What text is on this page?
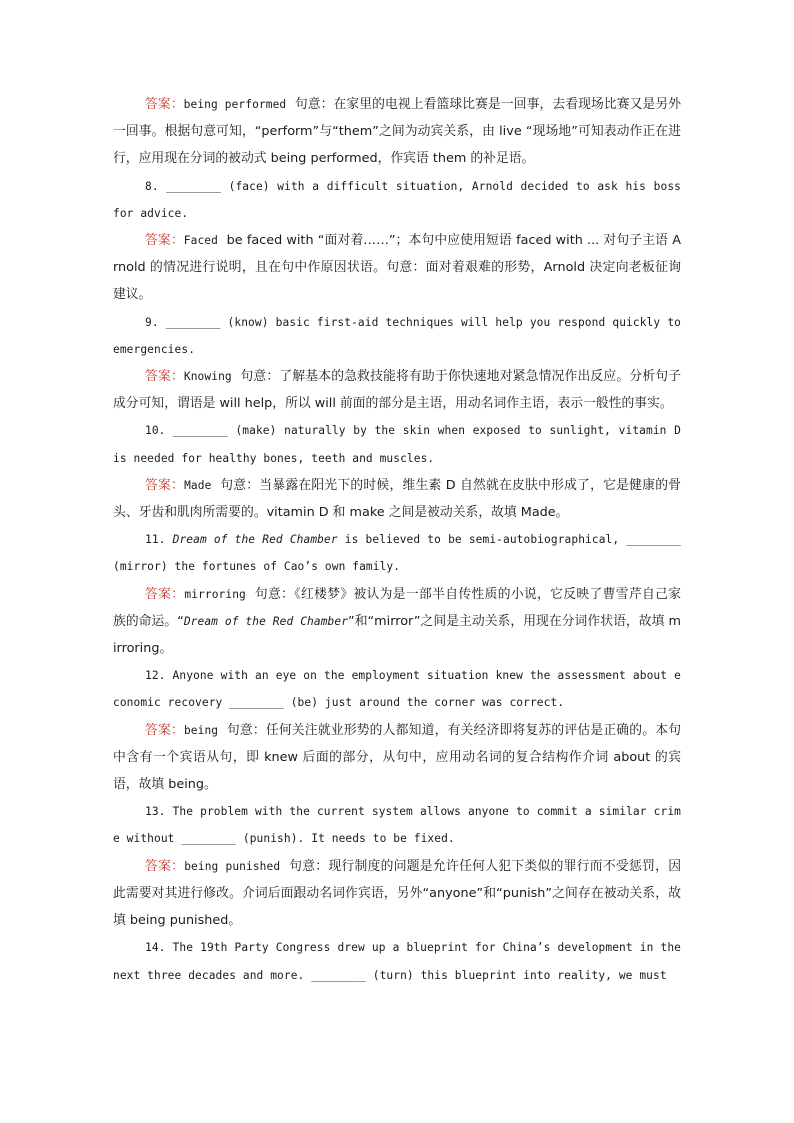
答案：being performed 句意：在家里的电视上看篮球比赛是一回事，去看现场比赛又是另外一回事。根据句意可知，“perform”与“them”之间为动宾关系，由 live “现场地”可知表动作正在进行，应用现在分词的被动式 being performed，作宾语 them 的补足语。

8. ________ (face) with a difficult situation, Arnold decided to ask his boss for advice.

答案：Faced be faced with “面对着……”；本句中应使用短语 faced with ... 对句子主语 Arnold 的情况进行说明，且在句中作原因状语。句意：面对着艰难的形势，Arnold 决定向老板征询建议。

9. ________ (know) basic first-aid techniques will help you respond quickly to emergencies.

答案：Knowing 句意：了解基本的急救技能将有助于你快速地对紧急情况作出反应。分析句子成分可知，谓语是 will help，所以 will 前面的部分是主语，用动名词作主语，表示一般性的事实。

10. ________ (make) naturally by the skin when exposed to sunlight, vitamin D is needed for healthy bones, teeth and muscles.

答案：Made 句意：当暴露在阳光下的时候，维生素 D 自然就在皮肤中形成了，它是健康的骨头、牙齿和肌肉所需要的。vitamin D 和 make 之间是被动关系，故填 Made。

11. Dream of the Red Chamber is believed to be semi-autobiographical, ________ (mirror) the fortunes of Cao’s own family.

答案：mirroring 句意：《红楼梦》被认为是一部半自传性质的小说，它反映了曹雪芹自己家族的命运。“Dream of the Red Chamber”和“mirror”之间是主动关系，用现在分词作状语，故填 mirroring。

12. Anyone with an eye on the employment situation knew the assessment about economic recovery ________ (be) just around the corner was correct.

答案：being 句意：任何关注就业形势的人都知道，有关经济即将复苏的评估是正确的。本句中含有一个宾语从句，即 knew 后面的部分，从句中，应用动名词的复合结构作介词 about 的宾语，故填 being。

13. The problem with the current system allows anyone to commit a similar crime without ________ (punish). It needs to be fixed.

答案：being punished 句意：现行制度的问题是允许任何人犯下类似的罪行而不受惩罚，因此需要对其进行修改。介词后面跟动名词作宾语，另外“anyone”和“punish”之间存在被动关系，故填 being punished。

14. The 19th Party Congress drew up a blueprint for China’s development in the next three decades and more. ________ (turn) this blueprint into reality, we must
